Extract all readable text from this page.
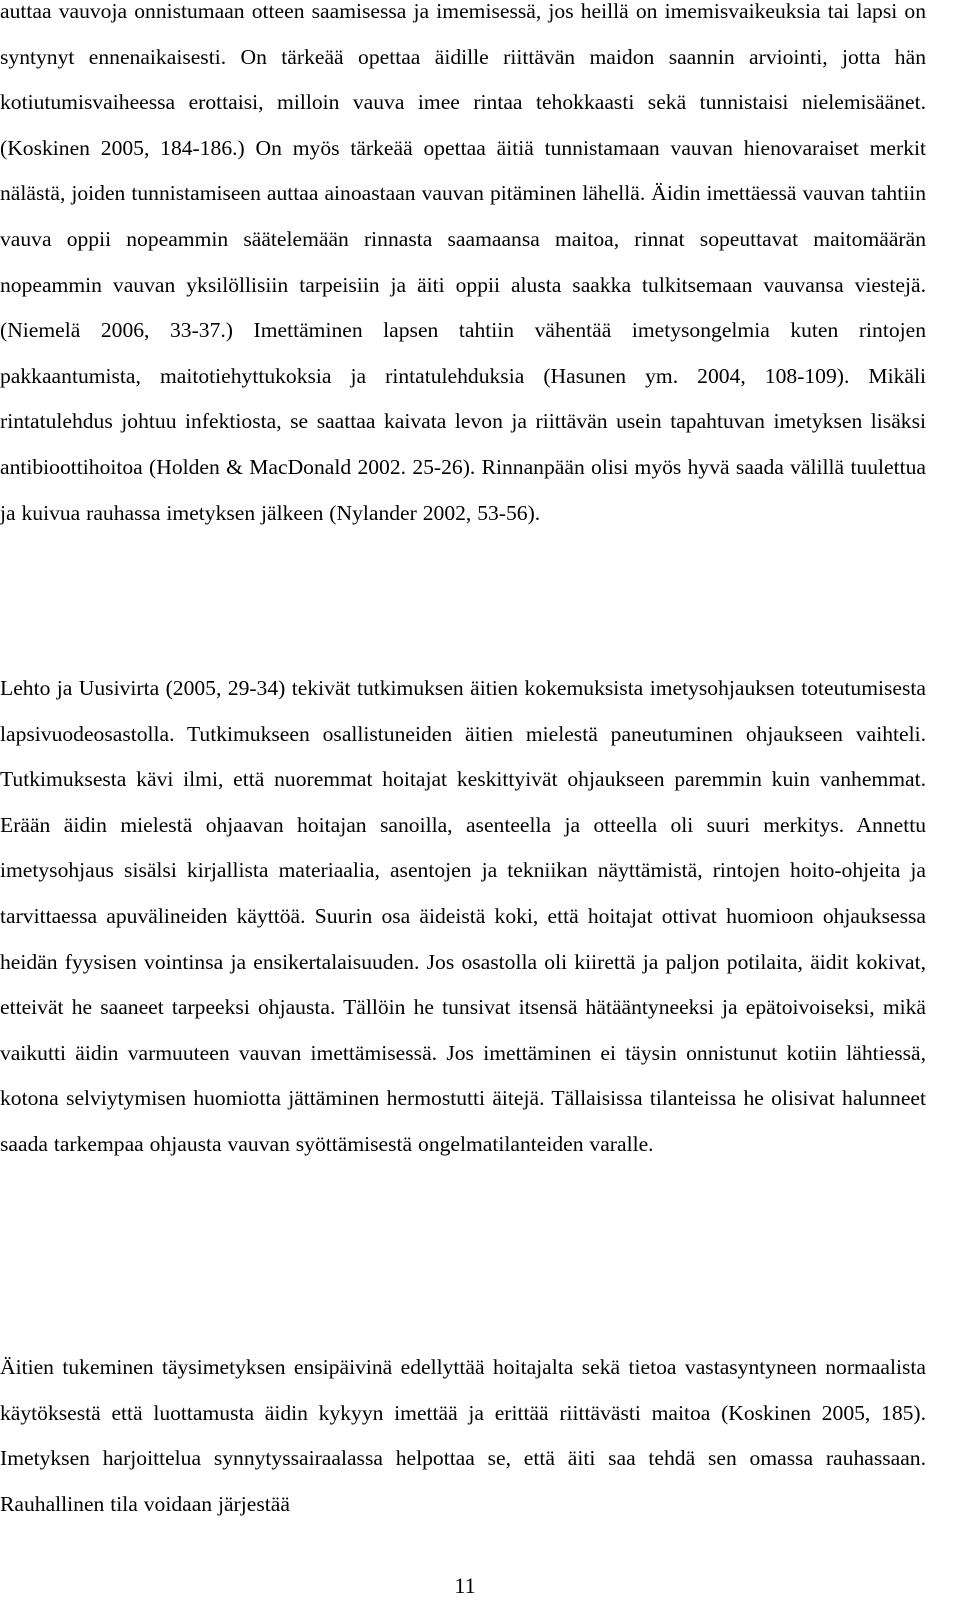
auttaa vauvoja onnistumaan otteen saamisessa ja imemisessä, jos heillä on imemisvaikeuksia tai lapsi on syntynyt ennenaikaisesti. On tärkeää opettaa äidille riittävän maidon saannin arviointi, jotta hän kotiutumisvaiheessa erottaisi, milloin vauva imee rintaa tehokkaasti sekä tunnistaisi nielemisäänet. (Koskinen 2005, 184-186.) On myös tärkeää opettaa äitiä tunnistamaan vauvan hienovaraiset merkit nälästä, joiden tunnistamiseen auttaa ainoastaan vauvan pitäminen lähellä. Äidin imettäessä vauvan tahtiin vauva oppii nopeammin säätelemään rinnasta saamaansa maitoa, rinnat sopeuttavat maitomäärän nopeammin vauvan yksilöllisiin tarpeisiin ja äiti oppii alusta saakka tulkitsemaan vauvansa viestejä. (Niemelä 2006, 33-37.) Imettäminen lapsen tahtiin vähentää imetysongelmia kuten rintojen pakkaantumista, maitotiehyttukoksia ja rintatulehduksia (Hasunen ym. 2004, 108-109). Mikäli rintatulehdus johtuu infektiosta, se saattaa kaivata levon ja riittävän usein tapahtuvan imetyksen lisäksi antibioottihoitoa (Holden & MacDonald 2002. 25-26). Rinnanpään olisi myös hyvä saada välillä tuulettua ja kuivua rauhassa imetyksen jälkeen (Nylander 2002, 53-56).

Lehto ja Uusivirta (2005, 29-34) tekivät tutkimuksen äitien kokemuksista imetysohjauksen toteutumisesta lapsivuodeosastolla. Tutkimukseen osallistuneiden äitien mielestä paneutuminen ohjaukseen vaihteli. Tutkimuksesta kävi ilmi, että nuoremmat hoitajat keskittyivät ohjaukseen paremmin kuin vanhemmat. Erään äidin mielestä ohjaavan hoitajan sanoilla, asenteella ja otteella oli suuri merkitys. Annettu imetysohjaus sisälsi kirjallista materiaalia, asentojen ja tekniikan näyttämistä, rintojen hoito-ohjeita ja tarvittaessa apuvälineiden käyttöä. Suurin osa äideistä koki, että hoitajat ottivat huomioon ohjauksessa heidän fyysisen vointinsa ja ensikertalaisuuden. Jos osastolla oli kiirettä ja paljon potilaita, äidit kokivat, etteivät he saaneet tarpeeksi ohjausta. Tällöin he tunsivat itsensä hätääntyneeksi ja epätoivoiseksi, mikä vaikutti äidin varmuuteen vauvan imettämisessä. Jos imettäminen ei täysin onnistunut kotiin lähtiessä, kotona selviytymisen huomiotta jättäminen hermostutti äitejä. Tällaisissa tilanteissa he olisivat halunneet saada tarkempaa ohjausta vauvan syöttämisestä ongelmatilanteiden varalle.

Äitien tukeminen täysimetyksen ensipäivinä edellyttää hoitajalta sekä tietoa vastasyntyneen normaalista käytöksestä että luottamusta äidin kykyyn imettää ja erittää riittävästi maitoa (Koskinen 2005, 185). Imetyksen harjoittelua synnytyssairaalassa helpottaa se, että äiti saa tehdä sen omassa rauhassaan. Rauhallinen tila voidaan järjestää

11
